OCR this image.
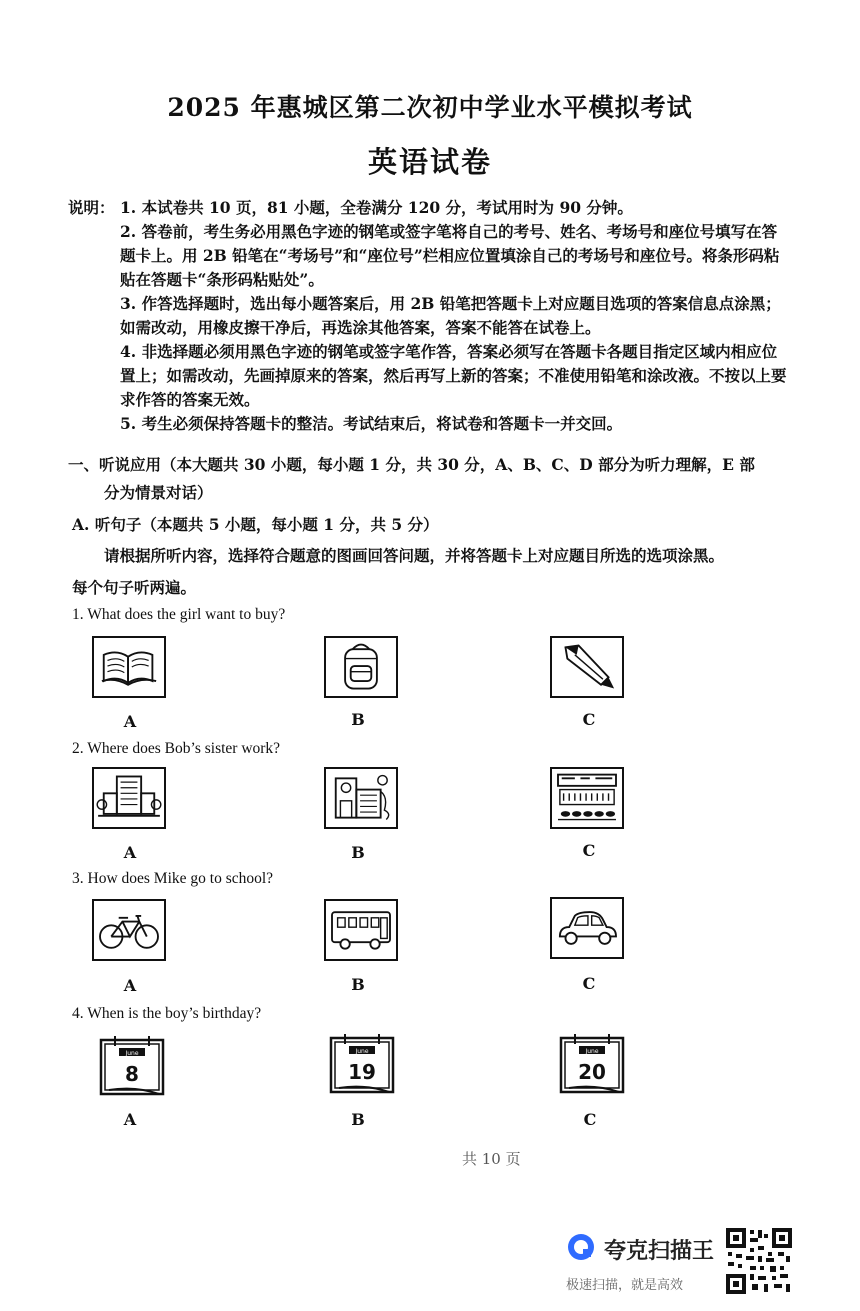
2025 年惠城区第二次初中学业水平模拟考试
英语试卷
说明： 1. 本试卷共 10 页，81 小题，全卷满分 120 分，考试用时为 90 分钟。
2. 答卷前，考生务必用黑色字迹的钢笔或签字笔将自己的考号、姓名、考场号和座位号填写在答题卡上。用 2B 铅笔在“考场号”和“座位号”栏相应位置填涂自己的考场号和座位号。将条形码粘贴在答题卡“条形码粘贴处”。
3. 作答选择题时，选出每小题答案后，用 2B 铅笔把答题卡上对应题目选项的答案信息点涂黑；如需改动，用橡皮擦干净后，再选涂其他答案，答案不能答在试卷上。
4. 非选择题必须用黑色字迹的钢笔或签字笔作答，答案必须写在答题卡各题目指定区域内相应位置上；如需改动，先画掉原来的答案，然后再写上新的答案；不准使用铅笔和涂改液。不按以上要求作答的答案无效。
5. 考生必须保持答题卡的整洁。考试结束后，将试卷和答题卡一并交回。
一、听说应用（本大题共 30 小题，每小题 1 分，共 30 分，A、B、C、D 部分为听力理解，E 部
分为情景对话）
A. 听句子（本题共 5 小题，每小题 1 分，共 5 分）
请根据所听内容，选择符合题意的图画回答问题，并将答题卡上对应题目所选的选项涂黑。
每个句子听两遍。
1. What does the girl want to buy?
A	B	C
2. Where does Bob’s sister work?
A	B	C
3. How does Mike go to school?
A	B	C
4. When is the boy’s birthday?
June
8
June
19
June
20
A	B	C
共 10 页
夸克扫描王
极速扫描，就是高效
